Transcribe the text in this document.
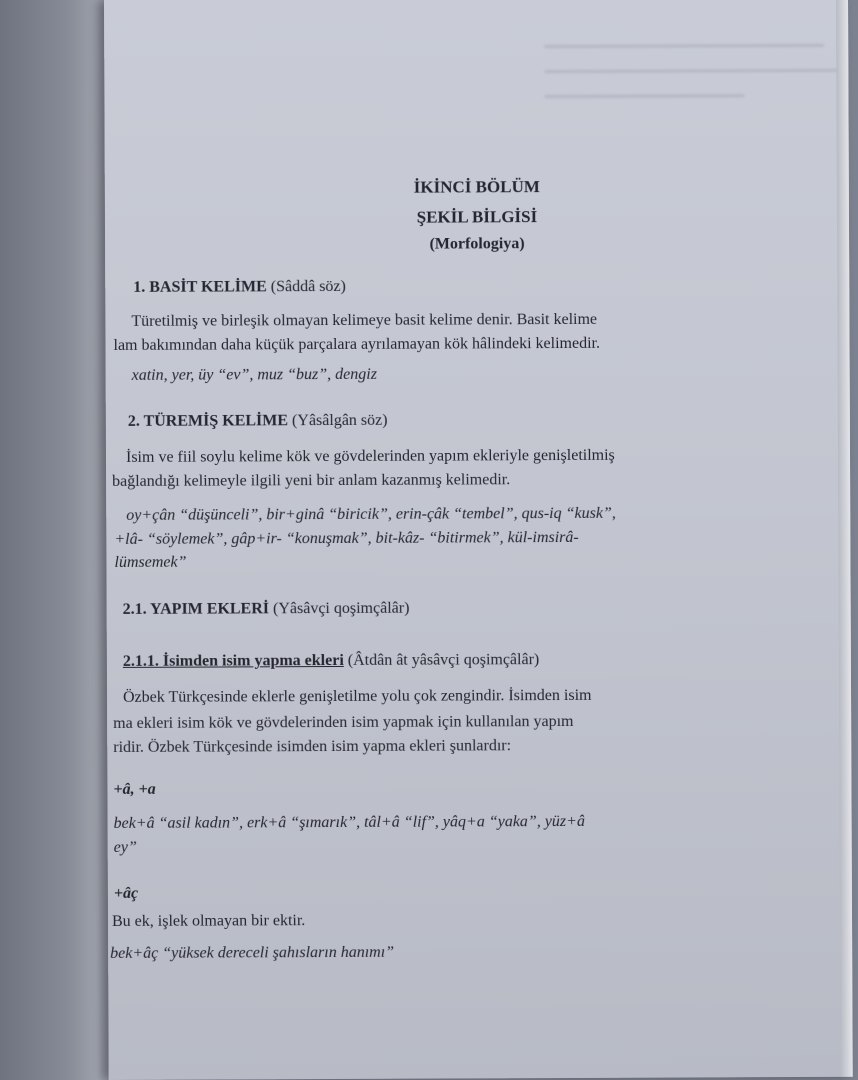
İKİNCİ BÖLÜM
ŞEKİL BİLGİSİ
(Morfologiya)
1. BASİT KELİME (Sâddâ söz)
Türetilmiş ve birleşik olmayan kelimeye basit kelime denir. Basit kelime
lam bakımından daha küçük parçalara ayrılamayan kök hâlindeki kelimedir.
xatin, yer, üy “ev”, muz “buz”, dengiz
2. TÜREMİŞ KELİME (Yâsâlgân söz)
İsim ve fiil soylu kelime kök ve gövdelerinden yapım ekleriyle genişletilmiş
bağlandığı kelimeyle ilgili yeni bir anlam kazanmış kelimedir.
oy+çân “düşünceli”, bir+ginâ “biricik”, erin-çâk “tembel”, qus-iq “kusk”,
+lâ- “söylemek”, gâp+ir- “konuşmak”, bit-kâz- “bitirmek”, kül-imsirâ-
lümsemek”
2.1. YAPIM EKLERİ (Yâsâvçi qoşimçâlâr)
2.1.1. İsimden isim yapma ekleri (Âtdân ât yâsâvçi qoşimçâlâr)
Özbek Türkçesinde eklerle genişletilme yolu çok zengindir. İsimden isim
ma ekleri isim kök ve gövdelerinden isim yapmak için kullanılan yapım
ridir. Özbek Türkçesinde isimden isim yapma ekleri şunlardır:
+â, +a
bek+â “asil kadın”, erk+â “şımarık”, tâl+â “lif”, yâq+a “yaka”, yüz+â
ey”
+âç
Bu ek, işlek olmayan bir ektir.
bek+âç “yüksek dereceli şahısların hanımı”
